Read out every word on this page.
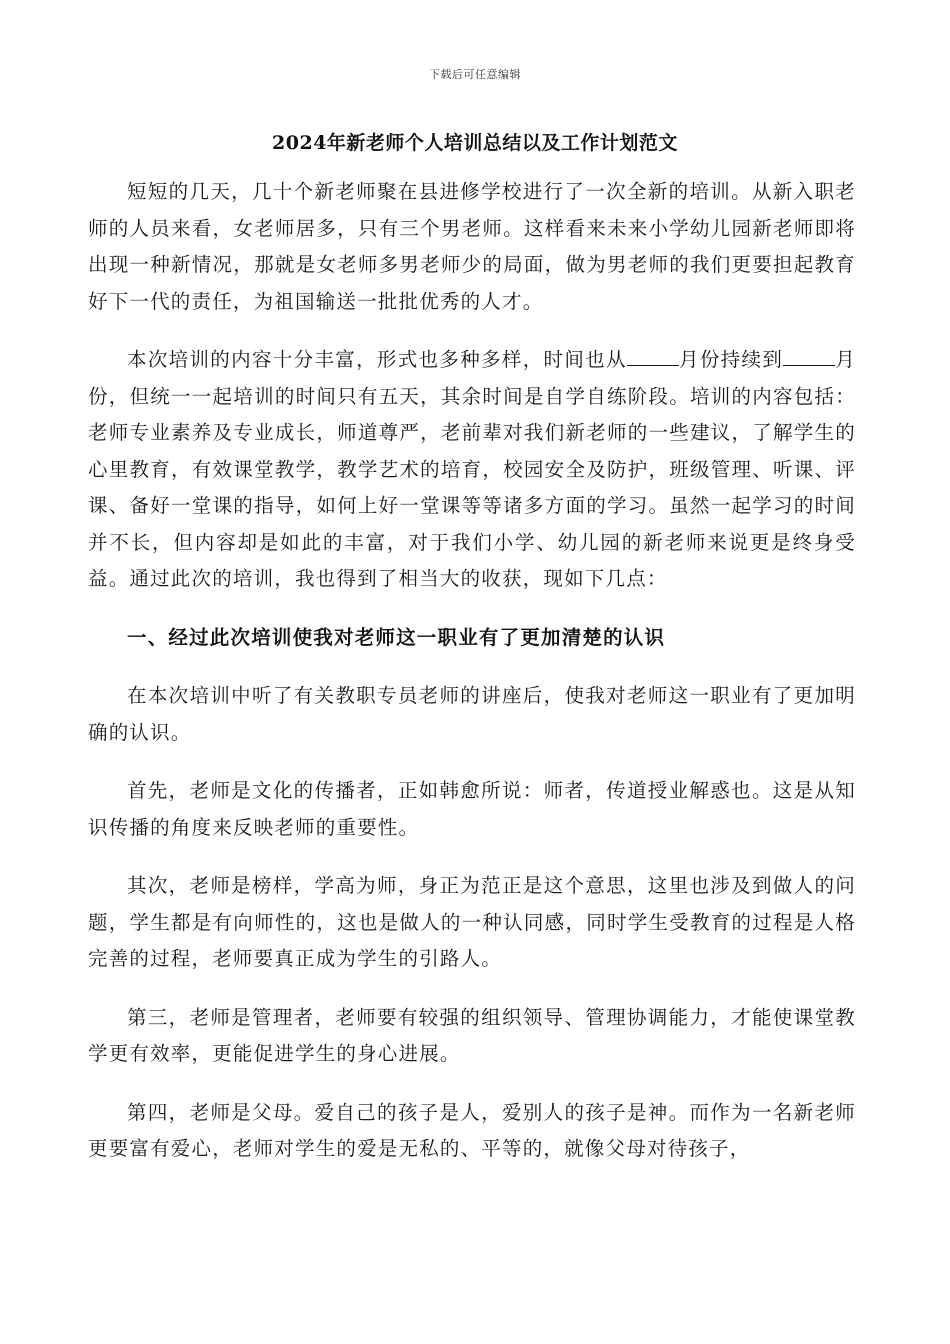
下载后可任意编辑
2024年新老师个人培训总结以及工作计划范文

短短的几天，几十个新老师聚在县进修学校进行了一次全新的培训。从新入职老师的人员来看，女老师居多，只有三个男老师。这样看来未来小学幼儿园新老师即将出现一种新情况，那就是女老师多男老师少的局面，做为男老师的我们更要担起教育好下一代的责任，为祖国输送一批批优秀的人才。

本次培训的内容十分丰富，形式也多种多样，时间也从	月份持续到	月份，但统一一起培训的时间只有五天，其余时间是自学自练阶段。培训的内容包括：老师专业素养及专业成长，师道尊严，老前辈对我们新老师的一些建议，了解学生的心里教育，有效课堂教学，教学艺术的培育，校园安全及防护，班级管理、听课、评课、备好一堂课的指导，如何上好一堂课等等诸多方面的学习。虽然一起学习的时间并不长，但内容却是如此的丰富，对于我们小学、幼儿园的新老师来说更是终身受益。通过此次的培训，我也得到了相当大的收获，现如下几点：

一、经过此次培训使我对老师这一职业有了更加清楚的认识

在本次培训中听了有关教职专员老师的讲座后，使我对老师这一职业有了更加明确的认识。

首先，老师是文化的传播者，正如韩愈所说：师者，传道授业解惑也。这是从知识传播的角度来反映老师的重要性。

其次，老师是榜样，学高为师，身正为范正是这个意思，这里也涉及到做人的问题，学生都是有向师性的，这也是做人的一种认同感，同时学生受教育的过程是人格完善的过程，老师要真正成为学生的引路人。

第三，老师是管理者，老师要有较强的组织领导、管理协调能力，才能使课堂教学更有效率，更能促进学生的身心进展。

第四，老师是父母。爱自己的孩子是人，爱别人的孩子是神。而作为一名新老师更要富有爱心，老师对学生的爱是无私的、平等的，就像父母对待孩子，
